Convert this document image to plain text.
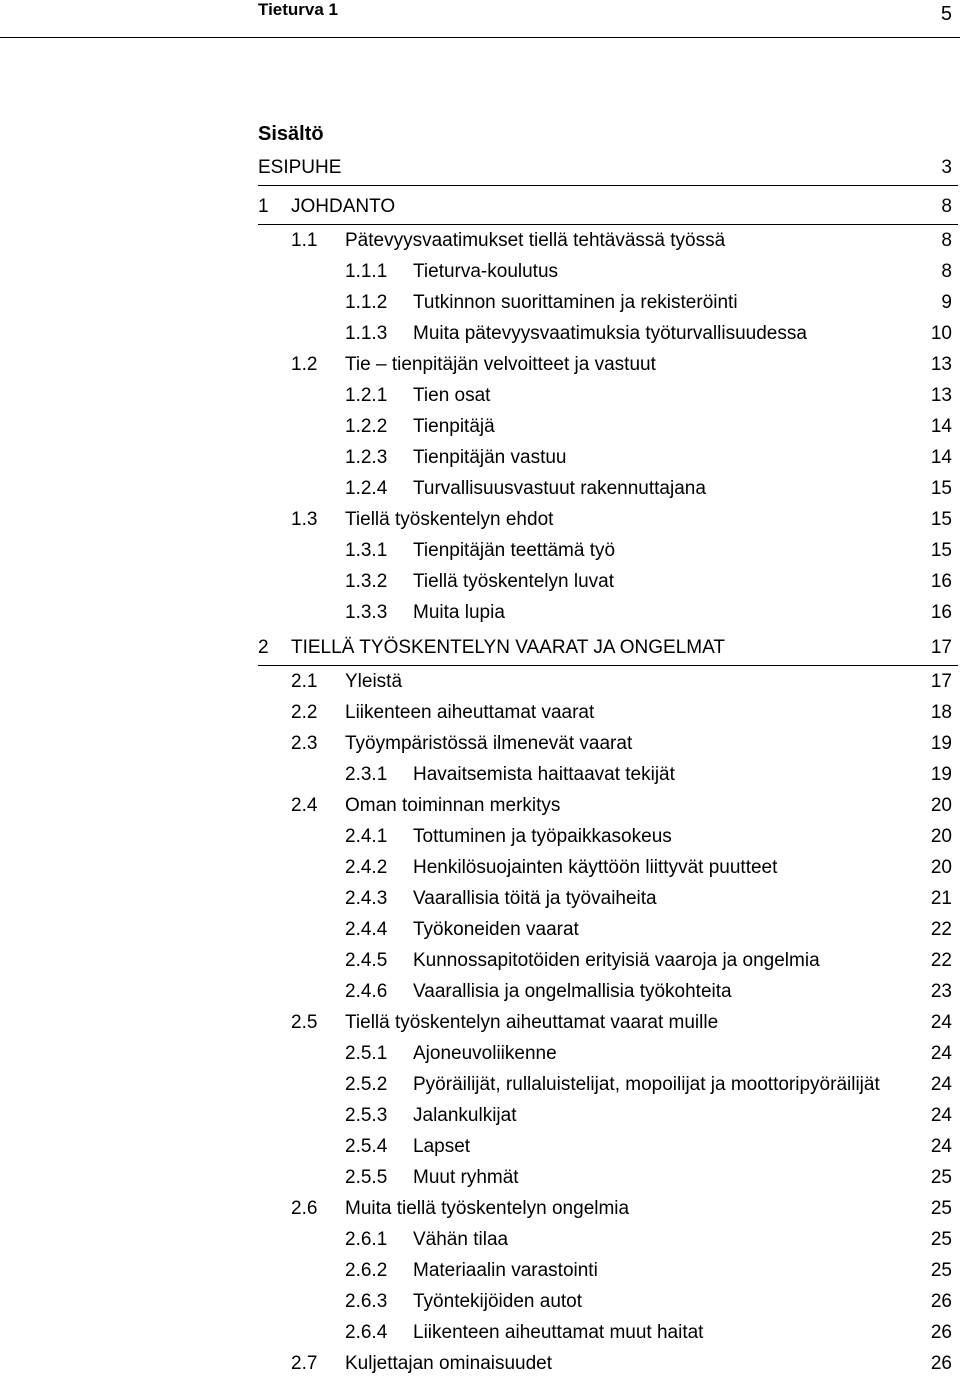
Tieturva 1	5
Sisältö
ESIPUHE	3
1 JOHDANTO	8
1.1 Pätevyysvaatimukset tiellä tehtävässä työssä	8
1.1.1 Tieturva-koulutus	8
1.1.2 Tutkinnon suorittaminen ja rekisteröinti	9
1.1.3 Muita pätevyysvaatimuksia työturvallisuudessa	10
1.2 Tie – tienpitäjän velvoitteet ja vastuut	13
1.2.1 Tien osat	13
1.2.2 Tienpitäjä	14
1.2.3 Tienpitäjän vastuu	14
1.2.4 Turvallisuusvastuut rakennuttajana	15
1.3 Tiellä työskentelyn ehdot	15
1.3.1 Tienpitäjän teettämä työ	15
1.3.2 Tiellä työskentelyn luvat	16
1.3.3 Muita lupia	16
2 TIELLÄ TYÖSKENTELYN VAARAT JA ONGELMAT	17
2.1 Yleistä	17
2.2 Liikenteen aiheuttamat vaarat	18
2.3 Työympäristössä ilmenevät vaarat	19
2.3.1 Havaitsemista haittaavat tekijät	19
2.4 Oman toiminnan merkitys	20
2.4.1 Tottuminen ja työpaikkasokeus	20
2.4.2 Henkilösuojainten käyttöön liittyvät puutteet	20
2.4.3 Vaarallisia töitä ja työvaiheita	21
2.4.4 Työkoneiden vaarat	22
2.4.5 Kunnossapitotöiden erityisiä vaaroja ja ongelmia	22
2.4.6 Vaarallisia ja ongelmallisia työkohteita	23
2.5 Tiellä työskentelyn aiheuttamat vaarat muille	24
2.5.1 Ajoneuvoliikenne	24
2.5.2 Pyöräilijät, rullaluistelijat, mopoilijat ja moottoripyöräilijät	24
2.5.3 Jalankulkijat	24
2.5.4 Lapset	24
2.5.5 Muut ryhmät	25
2.6 Muita tiellä työskentelyn ongelmia	25
2.6.1 Vähän tilaa	25
2.6.2 Materiaalin varastointi	25
2.6.3 Työntekijöiden autot	26
2.6.4 Liikenteen aiheuttamat muut haitat	26
2.7 Kuljettajan ominaisuudet	26
